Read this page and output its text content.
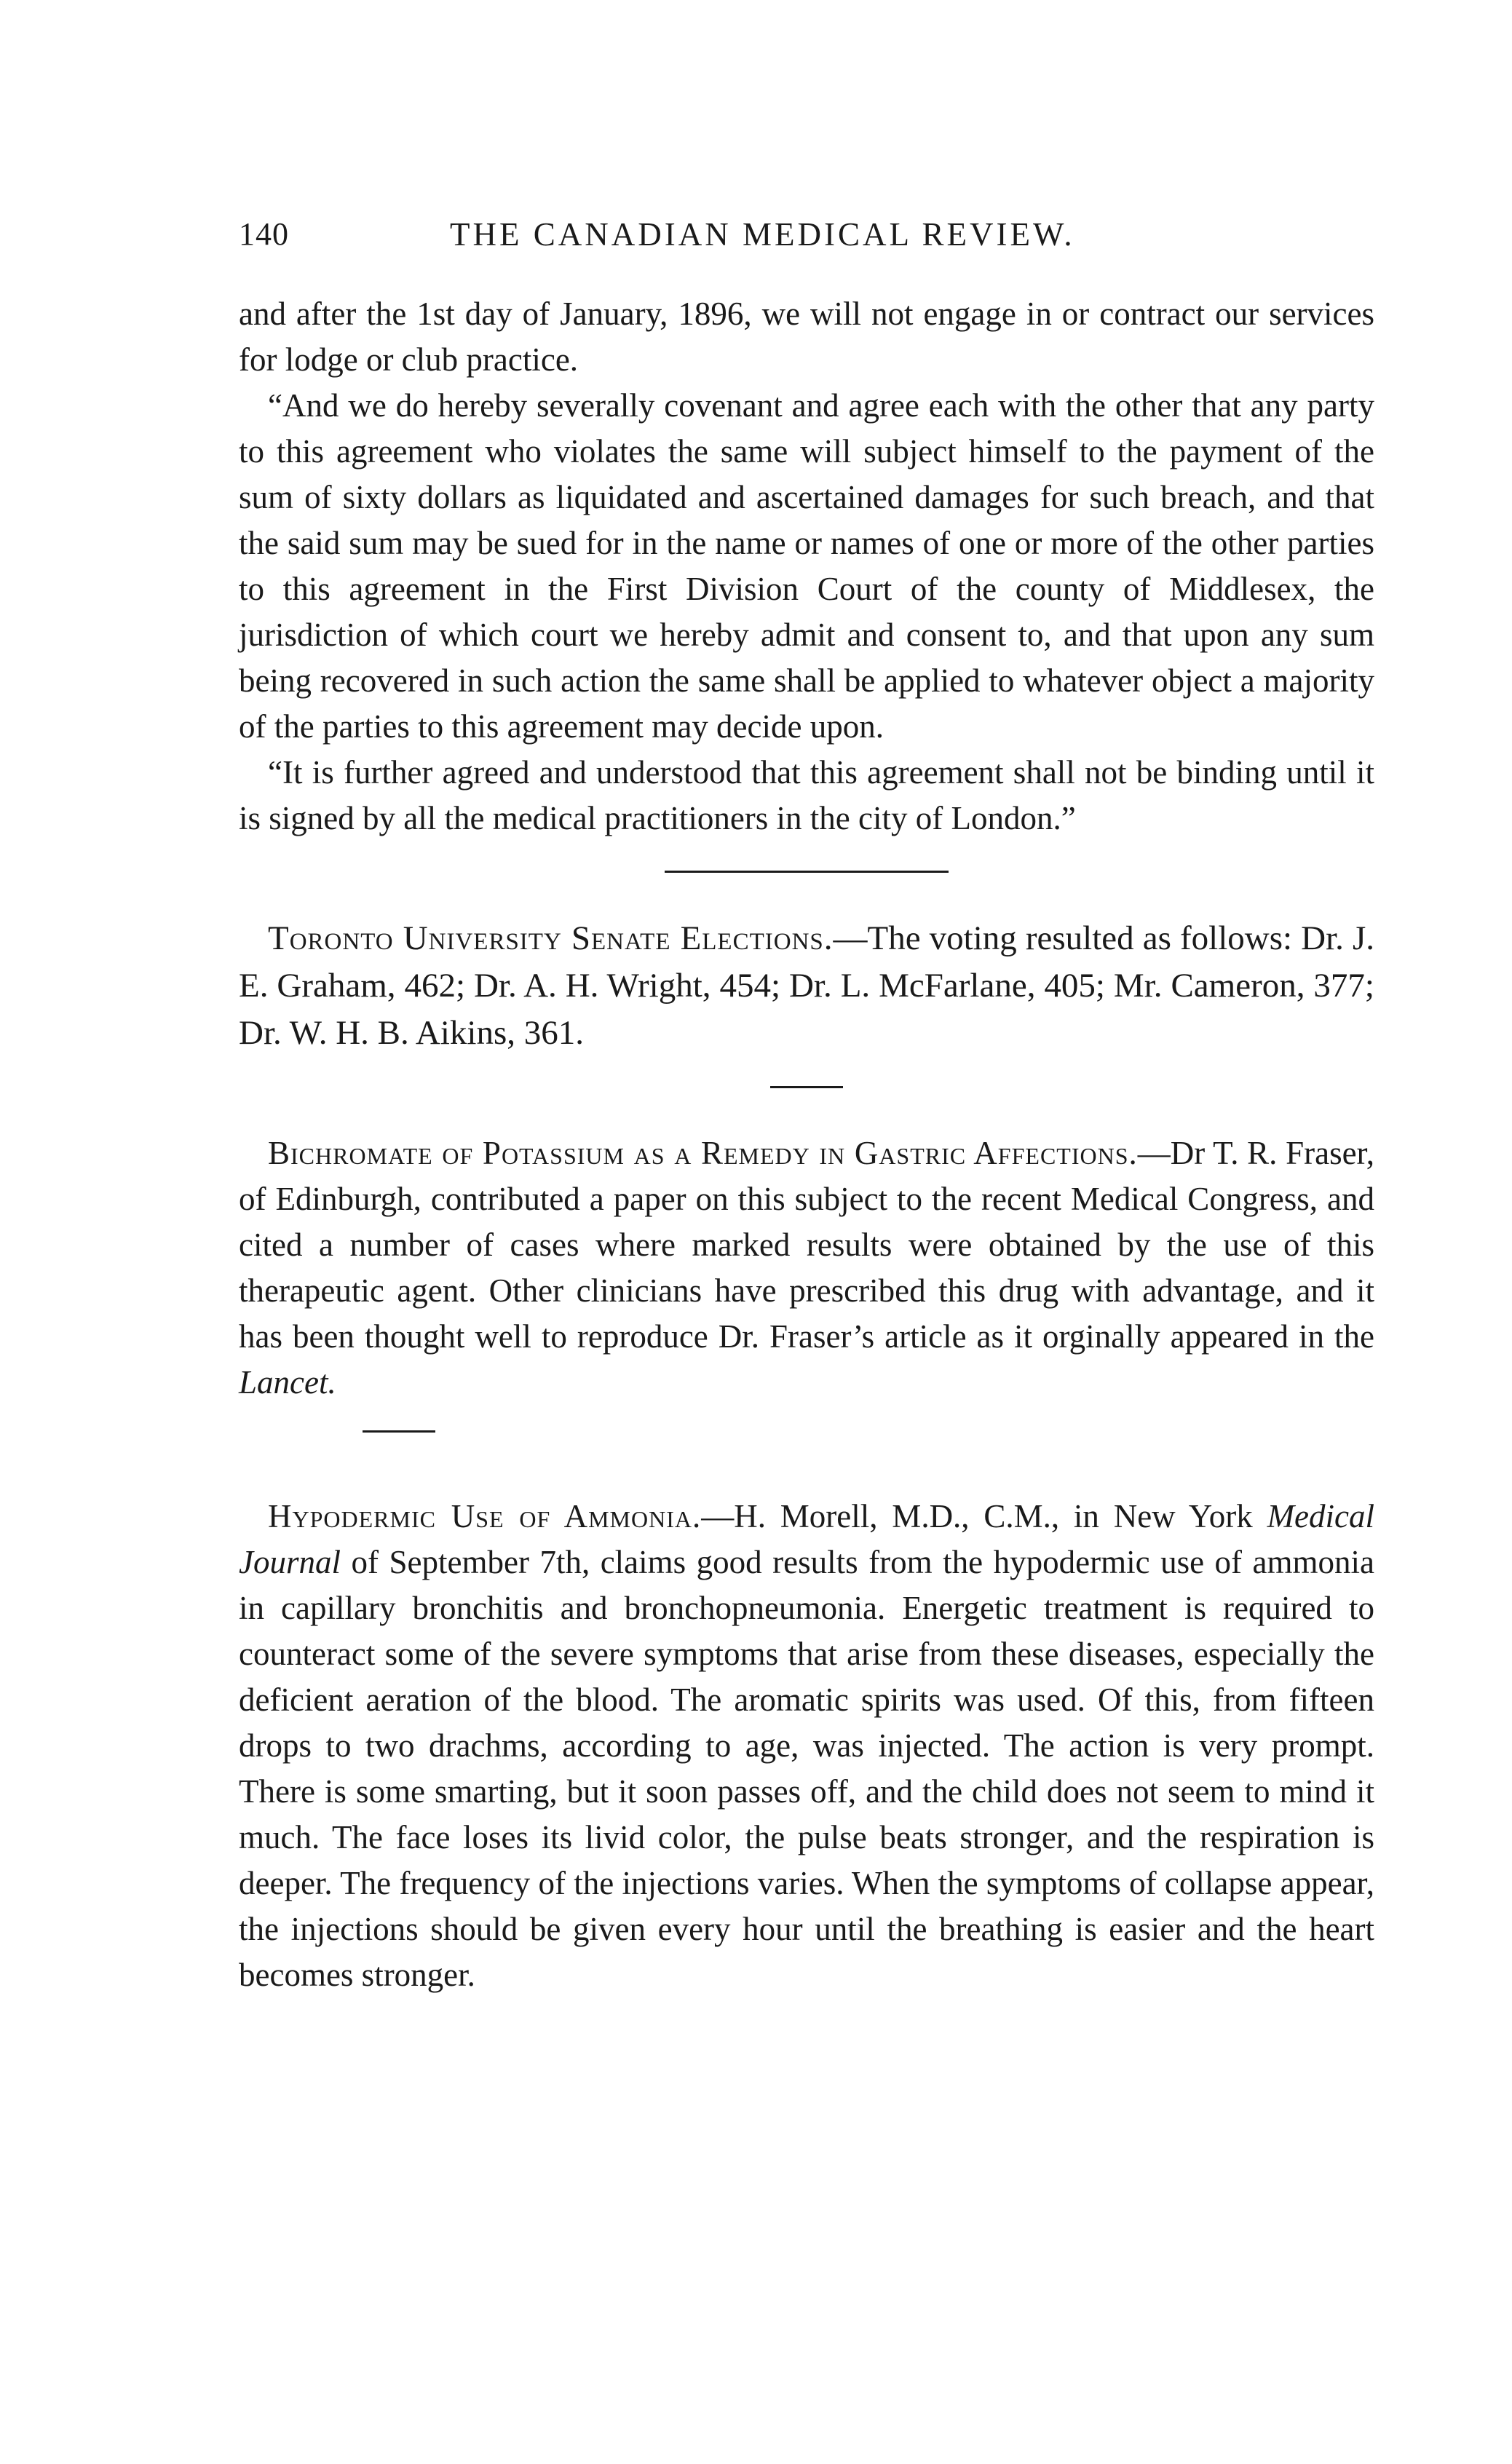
140	THE CANADIAN MEDICAL REVIEW.

and after the 1st day of January, 1896, we will not engage in or contract our services for lodge or club practice.

“And we do hereby severally covenant and agree each with the other that any party to this agreement who violates the same will subject himself to the payment of the sum of sixty dollars as liquidated and ascertained damages for such breach, and that the said sum may be sued for in the name or names of one or more of the other parties to this agreement in the First Division Court of the county of Middlesex, the jurisdiction of which court we hereby admit and consent to, and that upon any sum being recovered in such action the same shall be applied to whatever object a majority of the parties to this agreement may decide upon.

“It is further agreed and understood that this agreement shall not be binding until it is signed by all the medical practitioners in the city of London.”

Toronto University Senate Elections.—The voting resulted as follows: Dr. J. E. Graham, 462; Dr. A. H. Wright, 454; Dr. L. McFarlane, 405; Mr. Cameron, 377; Dr. W. H. B. Aikins, 361.

Bichromate of Potassium as a Remedy in Gastric Affections.—Dr T. R. Fraser, of Edinburgh, contributed a paper on this subject to the recent Medical Congress, and cited a number of cases where marked results were obtained by the use of this therapeutic agent. Other clinicians have prescribed this drug with advantage, and it has been thought well to reproduce Dr. Fraser’s article as it orginally appeared in the Lancet.

Hypodermic Use of Ammonia.—H. Morell, M.D., C.M., in New York Medical Journal of September 7th, claims good results from the hypodermic use of ammonia in capillary bronchitis and bronchopneumonia. Energetic treatment is required to counteract some of the severe symptoms that arise from these diseases, especially the deficient aeration of the blood. The aromatic spirits was used. Of this, from fifteen drops to two drachms, according to age, was injected. The action is very prompt. There is some smarting, but it soon passes off, and the child does not seem to mind it much. The face loses its livid color, the pulse beats stronger, and the respiration is deeper. The frequency of the injections varies. When the symptoms of collapse appear, the injections should be given every hour until the breathing is easier and the heart becomes stronger.
